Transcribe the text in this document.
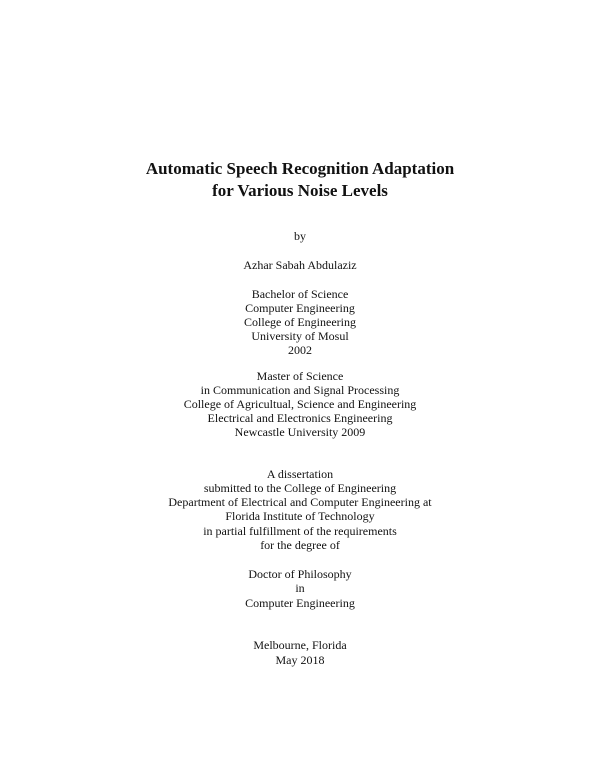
Automatic Speech Recognition Adaptation
for Various Noise Levels
by
Azhar Sabah Abdulaziz
Bachelor of Science
Computer Engineering
College of Engineering
University of Mosul
2002
Master of Science
in Communication and Signal Processing
College of Agricultual, Science and Engineering
Electrical and Electronics Engineering
Newcastle University 2009
A dissertation
submitted to the College of Engineering
Department of Electrical and Computer Engineering at
Florida Institute of Technology
in partial fulfillment of the requirements
for the degree of
Doctor of Philosophy
in
Computer Engineering
Melbourne, Florida
May 2018
